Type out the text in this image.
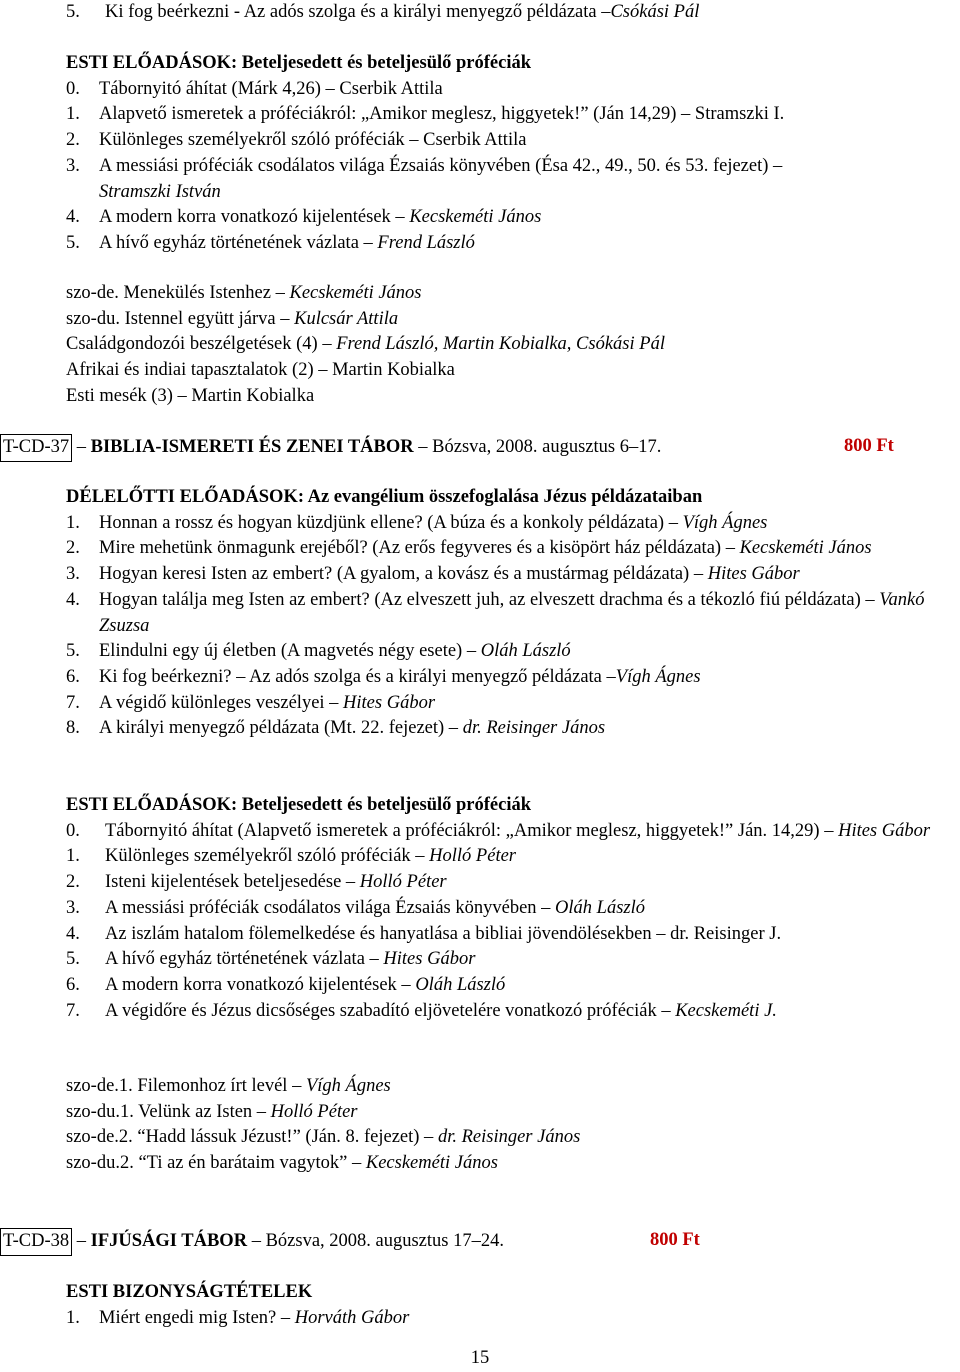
5.	Ki fog beérkezni - Az adós szolga és a királyi menyegző példázata –Csókási Pál
ESTI ELŐADÁSOK: Beteljesedett és beteljesülő próféciák
0.	Tábornyitó áhítat (Márk 4,26) – Cserbik Attila
1.	Alapvető ismeretek a próféciákról: „Amikor meglesz, higgyetek!” (Ján 14,29) – Stramszki I.
2.	Különleges személyekről szóló próféciák – Cserbik Attila
3.	A messiási próféciák csodálatos világa Ézsaiás könyvében (Ésa 42., 49., 50. és 53. fejezet) –
Stramszki István
4.	A modern korra vonatkozó kijelentések – Kecskeméti János
5.	A hívő egyház történetének vázlata – Frend László
szo-de. Menekülés Istenhez – Kecskeméti János
szo-du. Istennel együtt járva – Kulcsár Attila
Családgondozói beszélgetések (4) – Frend László, Martin Kobialka, Csókási Pál
Afrikai és indiai tapasztalatok (2) – Martin Kobialka
Esti mesék (3) – Martin Kobialka
T-CD-37 – BIBLIA-ISMERETI ÉS ZENEI TÁBOR – Bózsva, 2008. augusztus 6–17.	800 Ft
DÉLELŐTTI ELŐADÁSOK: Az evangélium összefoglalása Jézus példázataiban
1.	Honnan a rossz és hogyan küzdjünk ellene? (A búza és a konkoly példázata) – Vígh Ágnes
2.	Mire mehetünk önmagunk erejéből? (Az erős fegyveres és a kisöpört ház példázata) – Kecskeméti János
3.	Hogyan keresi Isten az embert? (A gyalom, a kovász és a mustármag példázata) – Hites Gábor
4.	Hogyan találja meg Isten az embert? (Az elveszett juh, az elveszett drachma és a tékozló fiú példázata) – Vankó Zsuzsa
5.	Elindulni egy új életben (A magvetés négy esete) – Oláh László
6.	Ki fog beérkezni? – Az adós szolga és a királyi menyegző példázata –Vígh Ágnes
7.	A végidő különleges veszélyei – Hites Gábor
8.	A királyi menyegző példázata (Mt. 22. fejezet) – dr. Reisinger János
ESTI ELŐADÁSOK: Beteljesedett és beteljesülő próféciák
0.	Tábornyitó áhítat (Alapvető ismeretek a próféciákról: „Amikor meglesz, higgyetek!” Ján. 14,29) – Hites Gábor
1.	Különleges személyekről szóló próféciák – Holló Péter
2.	Isteni kijelentések beteljesedése – Holló Péter
3.	A messiási próféciák csodálatos világa Ézsaiás könyvében – Oláh László
4.	Az iszlám hatalom fölemelkedése és hanyatlása a bibliai jövendölésekben – dr. Reisinger J.
5.	A hívő egyház történetének vázlata – Hites Gábor
6.	A modern korra vonatkozó kijelentések – Oláh László
7.	A végidőre és Jézus dicsőséges szabadító eljövetelére vonatkozó próféciák – Kecskeméti J.
szo-de.1. Filemonhoz írt levél – Vígh Ágnes
szo-du.1. Velünk az Isten – Holló Péter
szo-de.2. “Hadd lássuk Jézust!” (Ján. 8. fejezet) – dr. Reisinger János
szo-du.2. “Ti az én barátaim vagytok” – Kecskeméti János
T-CD-38 – IFJÚSÁGI TÁBOR – Bózsva, 2008. augusztus 17–24.	800 Ft
ESTI BIZONYSÁGTÉTELEK
1.	Miért engedi mig Isten? – Horváth Gábor
15
